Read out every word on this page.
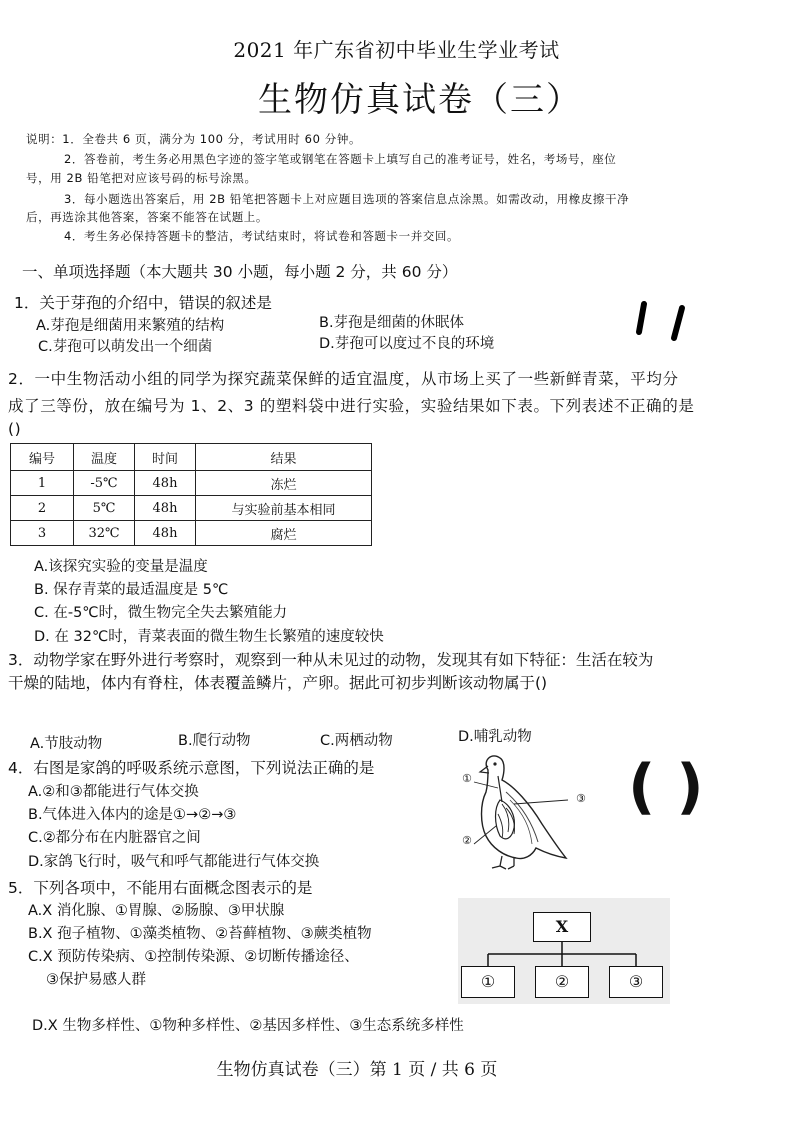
2021 年广东省初中毕业生学业考试
生物仿真试卷（三）
说明：1．全卷共 6 页，满分为 100 分，考试用时 60 分钟。
2．答卷前，考生务必用黑色字迹的签字笔或钢笔在答题卡上填写自己的准考证号，姓名，考场号，座位
号，用 2B 铅笔把对应该号码的标号涂黑。
3．每小题选出答案后，用 2B 铅笔把答题卡上对应题目选项的答案信息点涂黑。如需改动，用橡皮擦干净
后，再选涂其他答案，答案不能答在试题上。
4．考生务必保持答题卡的整洁，考试结束时，将试卷和答题卡一并交回。
一、单项选择题（本大题共 30 小题，每小题 2 分，共 60 分）
1．关于芽孢的介绍中，错误的叙述是
A.芽孢是细菌用来繁殖的结构	B.芽孢是细菌的休眠体
C.芽孢可以萌发出一个细菌	D.芽孢可以度过不良的环境
2．一中生物活动小组的同学为探究蔬菜保鲜的适宜温度，从市场上买了一些新鲜青菜，平均分
成了三等份，放在编号为 1、2、3 的塑料袋中进行实验，实验结果如下表。下列表述不正确的是
()
编号	温度	时间	结果
1	-5℃	48h	冻烂
2	5℃	48h	与实验前基本相同
3	32℃	48h	腐烂
A.该探究实验的变量是温度
B. 保存青菜的最适温度是 5℃
C. 在-5℃时，微生物完全失去繁殖能力
D. 在 32℃时，青菜表面的微生物生长繁殖的速度较快
3．动物学家在野外进行考察时，观察到一种从未见过的动物，发现其有如下特征：生活在较为
干燥的陆地，体内有脊柱，体表覆盖鳞片，产卵。据此可初步判断该动物属于()
A.节肢动物	B.爬行动物	C.两栖动物	D.哺乳动物
4．右图是家鸽的呼吸系统示意图，下列说法正确的是
A.②和③都能进行气体交换
B.气体进入体内的途是①→②→③
C.②都分布在内脏器官之间
D.家鸽飞行时，吸气和呼气都能进行气体交换
①
③
②
( )
5．下列各项中，不能用右面概念图表示的是
A.X 消化腺、①胃腺、②肠腺、③甲状腺
B.X 孢子植物、①藻类植物、②苔藓植物、③蕨类植物
C.X 预防传染病、①控制传染源、②切断传播途径、
③保护易感人群
D.X 生物多样性、①物种多样性、②基因多样性、③生态系统多样性
X
①	②	③
生物仿真试卷（三）第 1 页 / 共 6 页
